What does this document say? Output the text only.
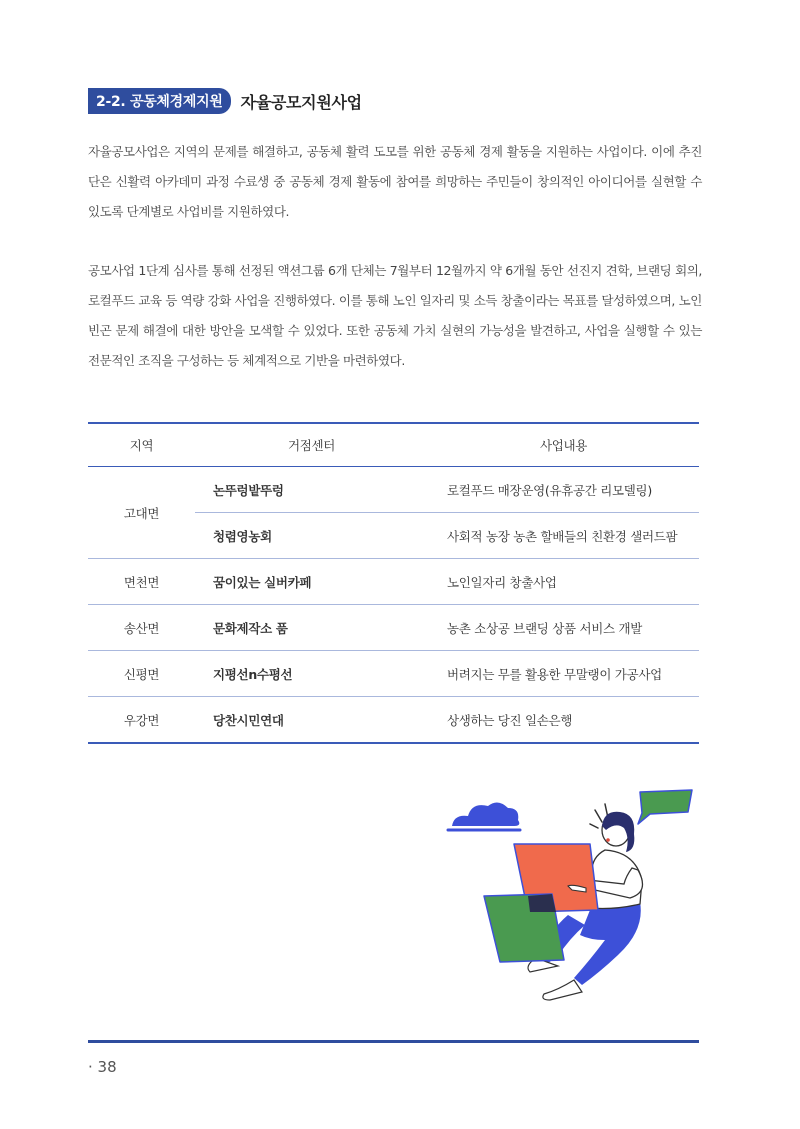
2-2. 공동체경제지원	자율공모지원사업

자율공모사업은 지역의 문제를 해결하고, 공동체 활력 도모를 위한 공동체 경제 활동을 지원하는 사업이다. 이에 추진단은 신활력 아카데미 과정 수료생 중 공동체 경제 활동에 참여를 희망하는 주민들이 창의적인 아이디어를 실현할 수 있도록 단계별로 사업비를 지원하였다.

공모사업 1단계 심사를 통해 선정된 액션그룹 6개 단체는 7월부터 12월까지 약 6개월 동안 선진지 견학, 브랜딩 회의, 로컬푸드 교육 등 역량 강화 사업을 진행하였다. 이를 통해 노인 일자리 및 소득 창출이라는 목표를 달성하였으며, 노인 빈곤 문제 해결에 대한 방안을 모색할 수 있었다. 또한 공동체 가치 실현의 가능성을 발견하고, 사업을 실행할 수 있는 전문적인 조직을 구성하는 등 체계적으로 기반을 마련하였다.

지역	거점센터	사업내용
고대면	논뚜렁밭뚜렁	로컬푸드 매장운영(유휴공간 리모델링)
	청렴영농회	사회적 농장 농촌 할배들의 친환경 샐러드팜
면천면	꿈이있는 실버카페	노인일자리 창출사업
송산면	문화제작소 품	농촌 소상공 브랜딩 상품 서비스 개발
신평면	지평선n수평선	버려지는 무를 활용한 무말랭이 가공사업
우강면	당찬시민연대	상생하는 당진 일손은행
· 38
